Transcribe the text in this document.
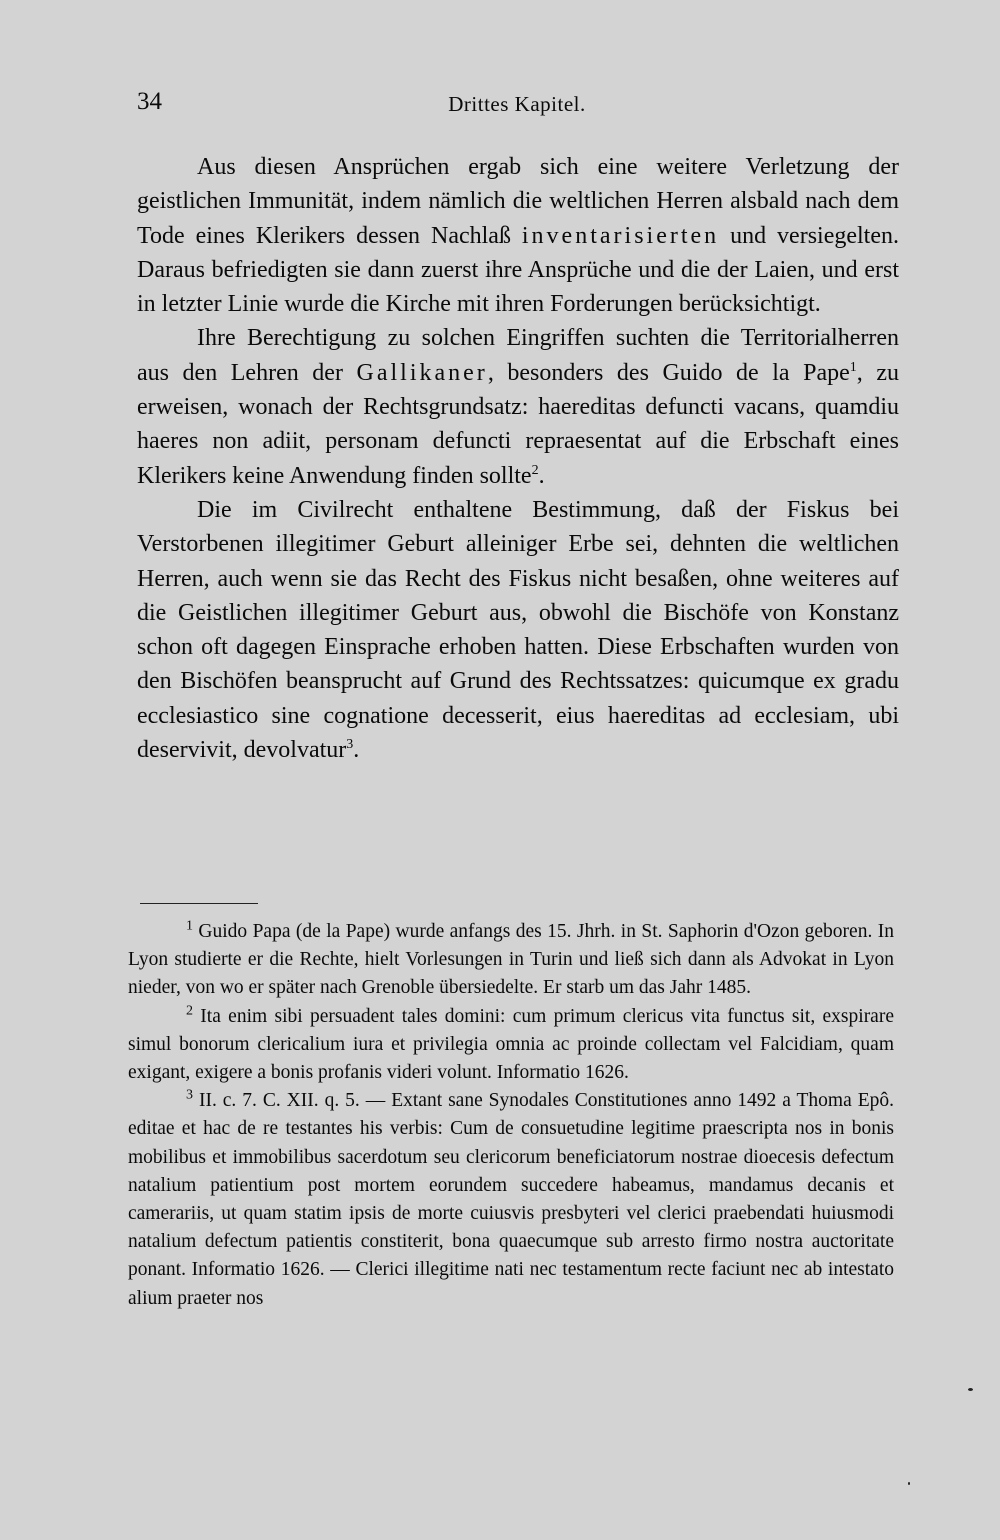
34	Drittes Kapitel.

Aus diesen Ansprüchen ergab sich eine weitere Verletzung der geistlichen Immunität, indem nämlich die weltlichen Herren alsbald nach dem Tode eines Klerikers dessen Nachlaß inventarisierten und versiegelten. Daraus befriedigten sie dann zuerst ihre Ansprüche und die der Laien, und erst in letzter Linie wurde die Kirche mit ihren Forderungen berücksichtigt.

Ihre Berechtigung zu solchen Eingriffen suchten die Territorialherren aus den Lehren der Gallikaner, besonders des Guido de la Pape$^1$, zu erweisen, wonach der Rechtsgrundsatz: haereditas defuncti vacans, quamdiu haeres non adiit, personam defuncti repraesentat auf die Erbschaft eines Klerikers keine Anwendung finden sollte$^2$.

Die im Civilrecht enthaltene Bestimmung, daß der Fiskus bei Verstorbenen illegitimer Geburt alleiniger Erbe sei, dehnten die weltlichen Herren, auch wenn sie das Recht des Fiskus nicht besaßen, ohne weiteres auf die Geistlichen illegitimer Geburt aus, obwohl die Bischöfe von Konstanz schon oft dagegen Einsprache erhoben hatten. Diese Erbschaften wurden von den Bischöfen beansprucht auf Grund des Rechtssatzes: quicumque ex gradu ecclesiastico sine cognatione decesserit, eius haereditas ad ecclesiam, ubi deservivit, devolvatur$^3$.

$^1$ Guido Papa (de la Pape) wurde anfangs des 15. Jhrh. in St. Saphorin d'Ozon geboren. In Lyon studierte er die Rechte, hielt Vorlesungen in Turin und ließ sich dann als Advokat in Lyon nieder, von wo er später nach Grenoble übersiedelte. Er starb um das Jahr 1485.

$^2$ Ita enim sibi persuadent tales domini: cum primum clericus vita functus sit, exspirare simul bonorum clericalium iura et privilegia omnia ac proinde collectam vel Falcidiam, quam exigant, exigere a bonis profanis videri volunt. Informatio 1626.

$^3$ II. c. 7. C. XII. q. 5. — Extant sane Synodales Constitutiones anno 1492 a Thoma Epô. editae et hac de re testantes his verbis: Cum de consuetudine legitime praescripta nos in bonis mobilibus et immobilibus sacerdotum seu clericorum beneficiatorum nostrae dioecesis defectum natalium patientium post mortem eorundem succedere habeamus, mandamus decanis et camerariis, ut quam statim ipsis de morte cuiusvis presbyteri vel clerici praebendati huiusmodi natalium defectum patientis constiterit, bona quaecumque sub arresto firmo nostra auctoritate ponant. Informatio 1626. — Clerici illegitime nati nec testamentum recte faciunt nec ab intestato alium praeter nos
